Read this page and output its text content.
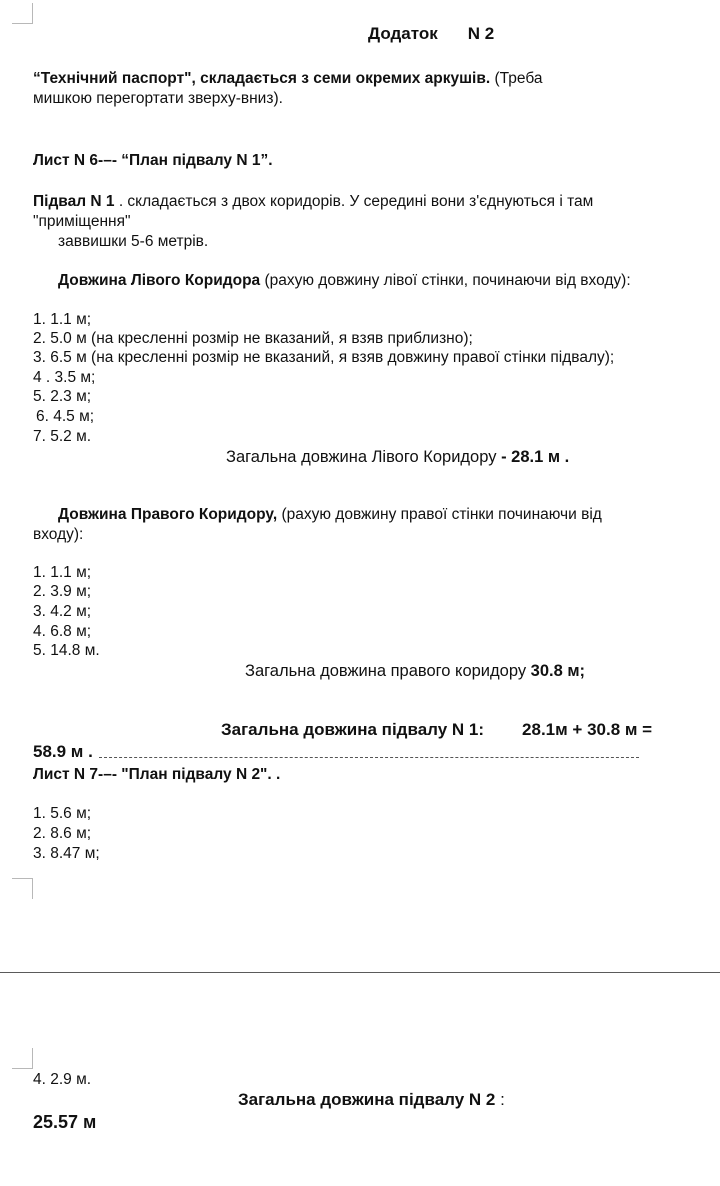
Додаток N 2
“Технічний паспорт", складається з семи окремих аркушів. (Треба
мишкою перегортати зверху-вниз).
Лист N 6-–- “План підвалу N 1”.
Підвал N 1 . складається з двох коридорів. У середині вони з'єднуються і там
"приміщення"
заввишки 5-6 метрів.
Довжина Лівого Коридора (рахую довжину лівої стінки, починаючи від входу):
1. 1.1 м;
2. 5.0 м (на кресленні розмір не вказаний, я взяв приблизно);
3. 6.5 м (на кресленні розмір не вказаний, я взяв довжину правої стінки підвалу);
4 . 3.5 м;
5. 2.3 м;
6. 4.5 м;
7. 5.2 м.
Загальна довжина Лівого Коридору - 28.1 м .
Довжина Правого Коридору, (рахую довжину правої стінки починаючи від
входу):
1. 1.1 м;
2. 3.9 м;
3. 4.2 м;
4. 6.8 м;
5. 14.8 м.
Загальна довжина правого коридору 30.8 м;
Загальна довжина підвалу N 1: 28.1м + 30.8 м =
58.9 м .
Лист N 7-–- "План підвалу N 2". .
1. 5.6 м;
2. 8.6 м;
3. 8.47 м;
4. 2.9 м.
Загальна довжина підвалу N 2 :
25.57 м
